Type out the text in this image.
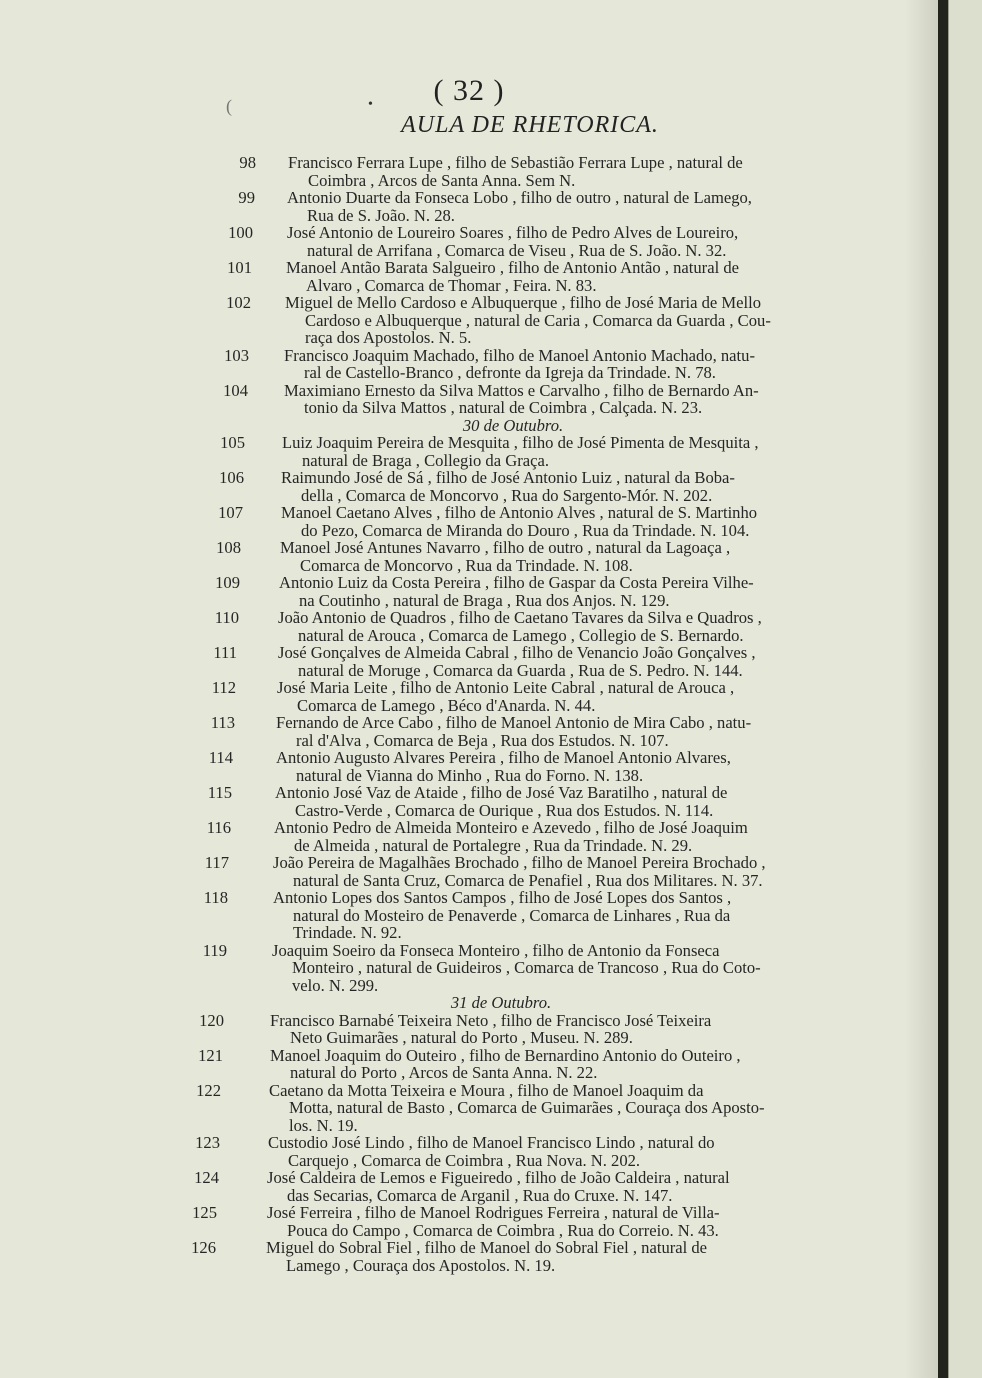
(	•	( 32 )
AULA DE RHETORICA.
98 Francisco Ferrara Lupe , filho de Sebastião Ferrara Lupe , natural de
Coimbra , Arcos de Santa Anna. Sem N.
99 Antonio Duarte da Fonseca Lobo , filho de outro , natural de Lamego,
Rua de S. João. N. 28.
100 José Antonio de Loureiro Soares , filho de Pedro Alves de Loureiro,
natural de Arrifana , Comarca de Viseu , Rua de S. João. N. 32.
101 Manoel Antão Barata Salgueiro , filho de Antonio Antão , natural de
Alvaro , Comarca de Thomar , Feira. N. 83.
102 Miguel de Mello Cardoso e Albuquerque , filho de José Maria de Mello
Cardoso e Albuquerque , natural de Caria , Comarca da Guarda , Cou-
raça dos Apostolos. N. 5.
103 Francisco Joaquim Machado, filho de Manoel Antonio Machado, natu-
ral de Castello-Branco , defronte da Igreja da Trindade. N. 78.
104 Maximiano Ernesto da Silva Mattos e Carvalho , filho de Bernardo An-
tonio da Silva Mattos , natural de Coimbra , Calçada. N. 23.
30 de Outubro.
105 Luiz Joaquim Pereira de Mesquita , filho de José Pimenta de Mesquita ,
natural de Braga , Collegio da Graça.
106 Raimundo José de Sá , filho de José Antonio Luiz , natural da Boba-
della , Comarca de Moncorvo , Rua do Sargento-Mór. N. 202.
107 Manoel Caetano Alves , filho de Antonio Alves , natural de S. Martinho
do Pezo, Comarca de Miranda do Douro , Rua da Trindade. N. 104.
108 Manoel José Antunes Navarro , filho de outro , natural da Lagoaça ,
Comarca de Moncorvo , Rua da Trindade. N. 108.
109 Antonio Luiz da Costa Pereira , filho de Gaspar da Costa Pereira Vilhe-
na Coutinho , natural de Braga , Rua dos Anjos. N. 129.
110 João Antonio de Quadros , filho de Caetano Tavares da Silva e Quadros ,
natural de Arouca , Comarca de Lamego , Collegio de S. Bernardo.
111 José Gonçalves de Almeida Cabral , filho de Venancio João Gonçalves ,
natural de Moruge , Comarca da Guarda , Rua de S. Pedro. N. 144.
112 José Maria Leite , filho de Antonio Leite Cabral , natural de Arouca ,
Comarca de Lamego , Béco d'Anarda. N. 44.
113 Fernando de Arce Cabo , filho de Manoel Antonio de Mira Cabo , natu-
ral d'Alva , Comarca de Beja , Rua dos Estudos. N. 107.
114	Antonio Augusto Alvares Pereira , filho de Manoel Antonio Alvares,
natural de Vianna do Minho , Rua do Forno. N. 138.
115	Antonio José Vaz de Ataide , filho de José Vaz Baratilho , natural de
Castro-Verde , Comarca de Ourique , Rua dos Estudos. N. 114.
116	Antonio Pedro de Almeida Monteiro e Azevedo , filho de José Joaquim
de Almeida , natural de Portalegre , Rua da Trindade. N. 29.
117	João Pereira de Magalhães Brochado , filho de Manoel Pereira Brochado ,
natural de Santa Cruz, Comarca de Penafiel , Rua dos Militares. N. 37.
118	Antonio Lopes dos Santos Campos , filho de José Lopes dos Santos ,
natural do Mosteiro de Penaverde , Comarca de Linhares , Rua da
Trindade. N. 92.
119	Joaquim Soeiro da Fonseca Monteiro , filho de Antonio da Fonseca
Monteiro , natural de Guideiros , Comarca de Trancoso , Rua do Coto-
velo. N. 299.
31 de Outubro.
120	Francisco Barnabé Teixeira Neto , filho de Francisco José Teixeira
Neto Guimarães , natural do Porto , Museu. N. 289.
121	Manoel Joaquim do Outeiro , filho de Bernardino Antonio do Outeiro ,
natural do Porto , Arcos de Santa Anna. N. 22.
122	Caetano da Motta Teixeira e Moura , filho de Manoel Joaquim da
Motta, natural de Basto , Comarca de Guimarães , Couraça dos Aposto-
los. N. 19.
123	Custodio José Lindo , filho de Manoel Francisco Lindo , natural do
Carquejo , Comarca de Coimbra , Rua Nova. N. 202.
124	José Caldeira de Lemos e Figueiredo , filho de João Caldeira , natural
das Secarias, Comarca de Arganil , Rua do Cruxe. N. 147.
125	José Ferreira , filho de Manoel Rodrigues Ferreira , natural de Villa-
Pouca do Campo , Comarca de Coimbra , Rua do Correio. N. 43.
126	Miguel do Sobral Fiel , filho de Manoel do Sobral Fiel , natural de
Lamego , Couraça dos Apostolos. N. 19.
